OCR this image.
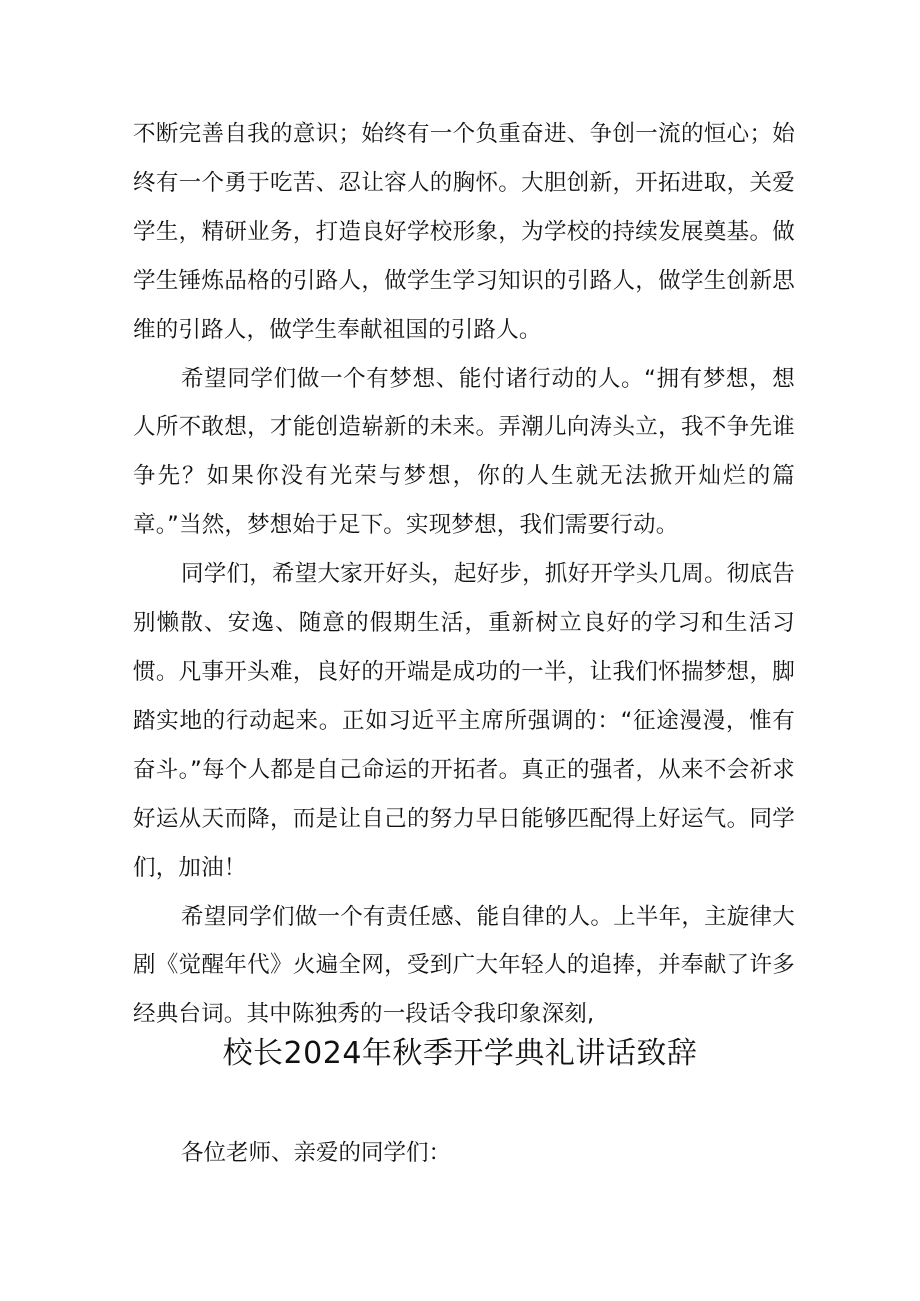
不断完善自我的意识；始终有一个负重奋进、争创一流的恒心；始终有一个勇于吃苦、忍让容人的胸怀。大胆创新，开拓进取，关爱学生，精研业务，打造良好学校形象，为学校的持续发展奠基。做学生锤炼品格的引路人，做学生学习知识的引路人，做学生创新思维的引路人，做学生奉献祖国的引路人。

希望同学们做一个有梦想、能付诸行动的人。“拥有梦想，想人所不敢想，才能创造崭新的未来。弄潮儿向涛头立，我不争先谁争先？如果你没有光荣与梦想，你的人生就无法掀开灿烂的篇章。”当然，梦想始于足下。实现梦想，我们需要行动。

同学们，希望大家开好头，起好步，抓好开学头几周。彻底告别懒散、安逸、随意的假期生活，重新树立良好的学习和生活习惯。凡事开头难，良好的开端是成功的一半，让我们怀揣梦想，脚踏实地的行动起来。正如习近平主席所强调的：“征途漫漫，惟有奋斗。”每个人都是自己命运的开拓者。真正的强者，从来不会祈求好运从天而降，而是让自己的努力早日能够匹配得上好运气。同学们，加油！

希望同学们做一个有责任感、能自律的人。上半年，主旋律大剧《觉醒年代》火遍全网，受到广大年轻人的追捧，并奉献了许多经典台词。其中陈独秀的一段话令我印象深刻,

校长2024年秋季开学典礼讲话致辞

各位老师、亲爱的同学们：
